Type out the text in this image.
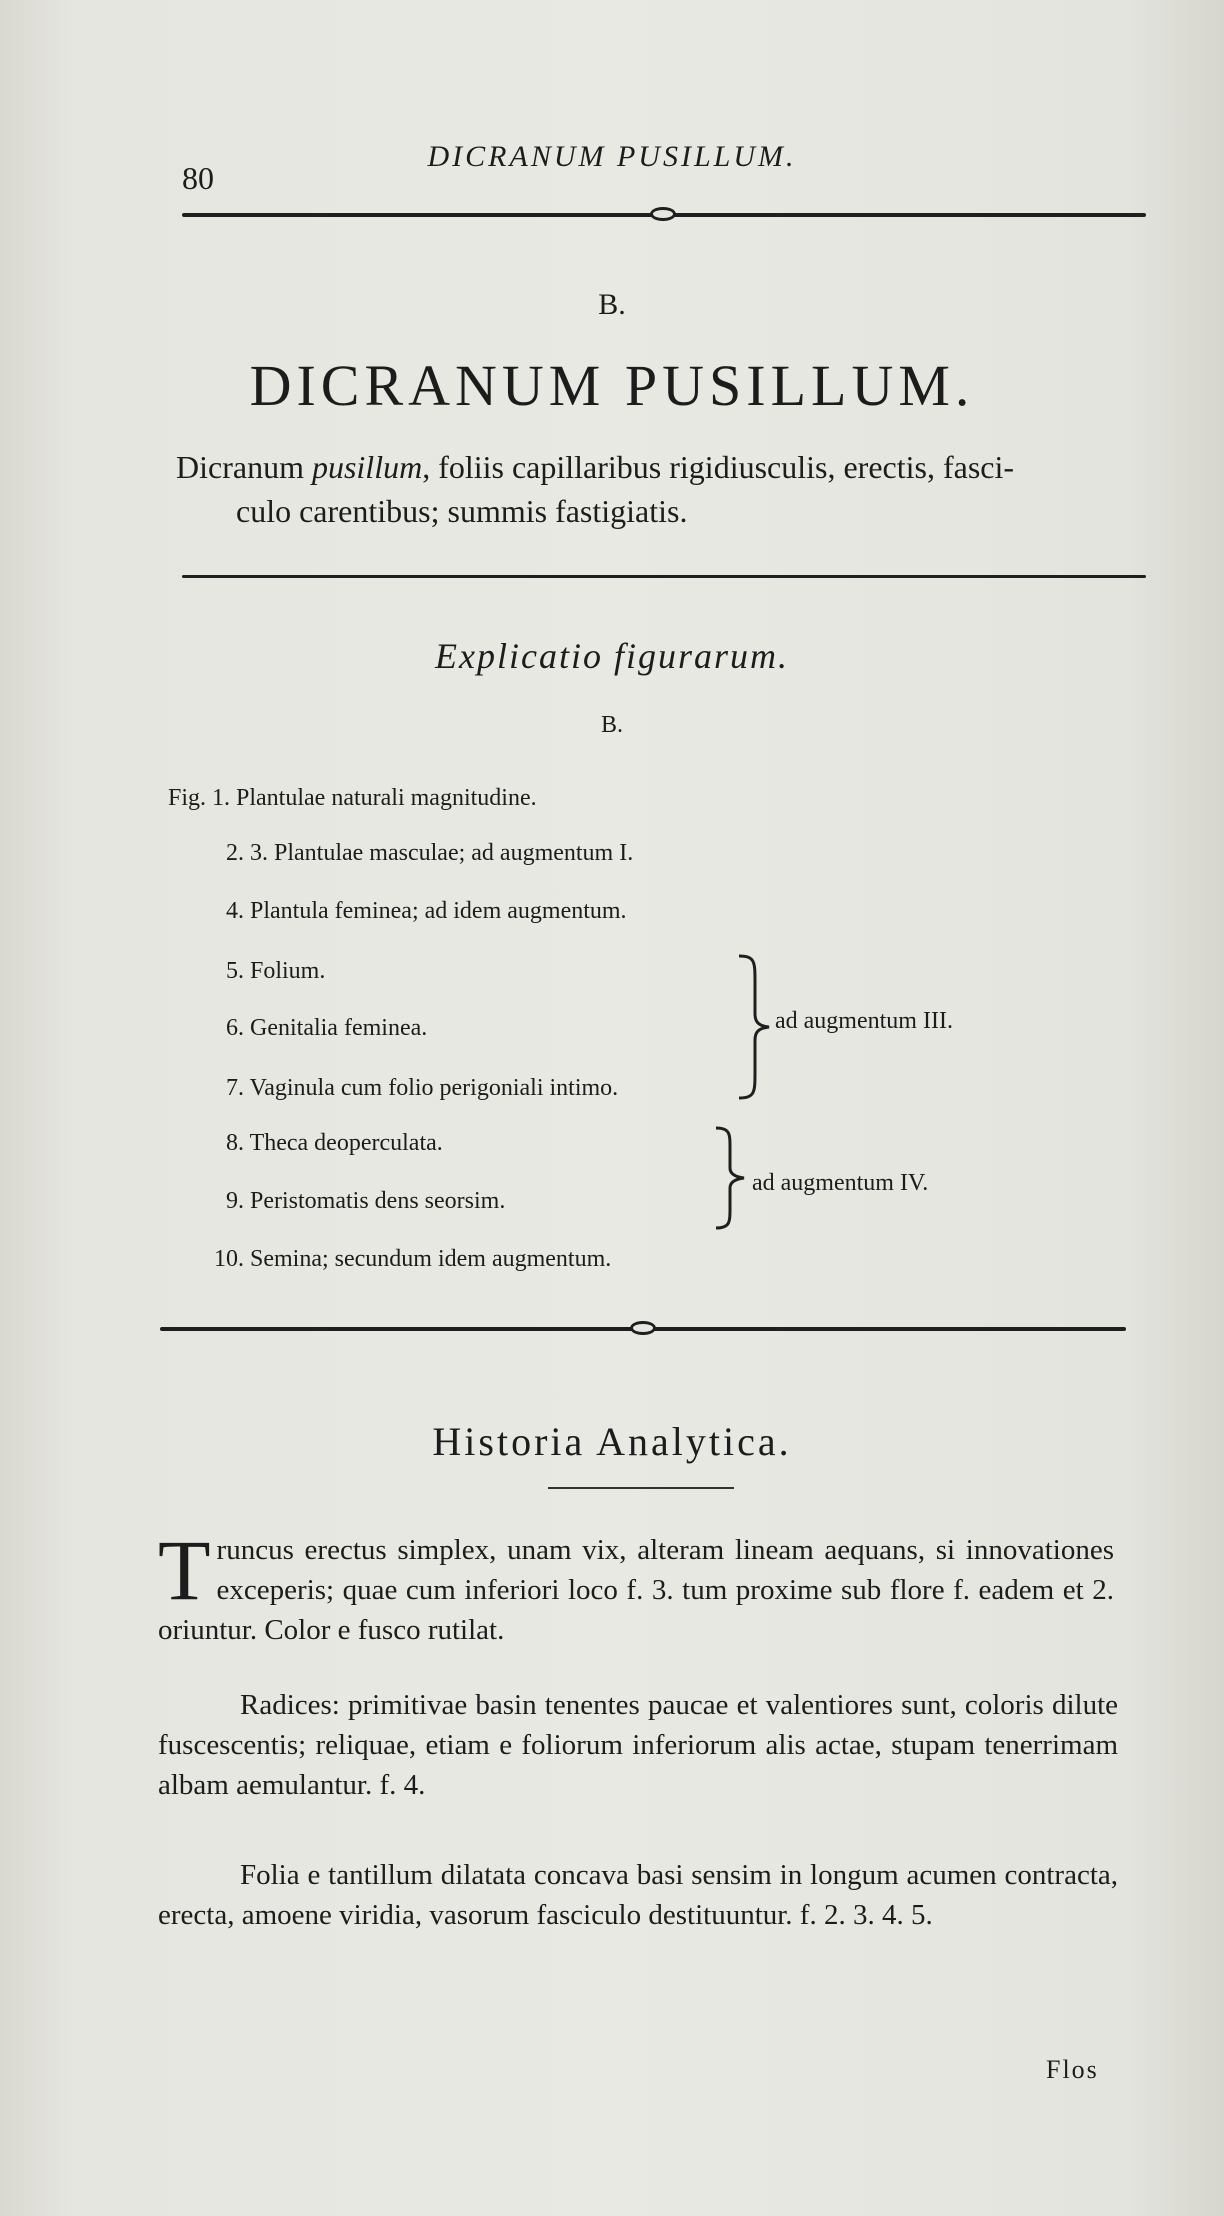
80
DICRANUM PUSILLUM.
B.
DICRANUM PUSILLUM.
Dicranum pusillum, foliis capillaribus rigidiusculis, erectis, fasci-
culo carentibus; summis fastigiatis.
Explicatio figurarum.
B.
Fig. 1. Plantulae naturali magnitudine.
2. 3. Plantulae masculae; ad augmentum I.
4. Plantula feminea; ad idem augmentum.
5. Folium.
6. Genitalia feminea.
7. Vaginula cum folio perigoniali intimo.
8. Theca deoperculata.
9. Peristomatis dens seorsim.
10. Semina; secundum idem augmentum.
ad augmentum III.
ad augmentum IV.
Historia Analytica.
Truncus erectus simplex, unam vix, alteram lineam aequans, si innovationes exceperis; quae cum inferiori loco f. 3. tum proxime sub flore f. eadem et 2. oriuntur. Color e fusco rutilat.
Radices: primitivae basin tenentes paucae et valentiores sunt, coloris dilute fuscescentis; reliquae, etiam e foliorum inferiorum alis actae, stupam tenerrimam albam aemulantur. f. 4.
Folia e tantillum dilatata concava basi sensim in longum acumen contracta, erecta, amoene viridia, vasorum fasciculo destituuntur. f. 2. 3. 4. 5.
Flos
